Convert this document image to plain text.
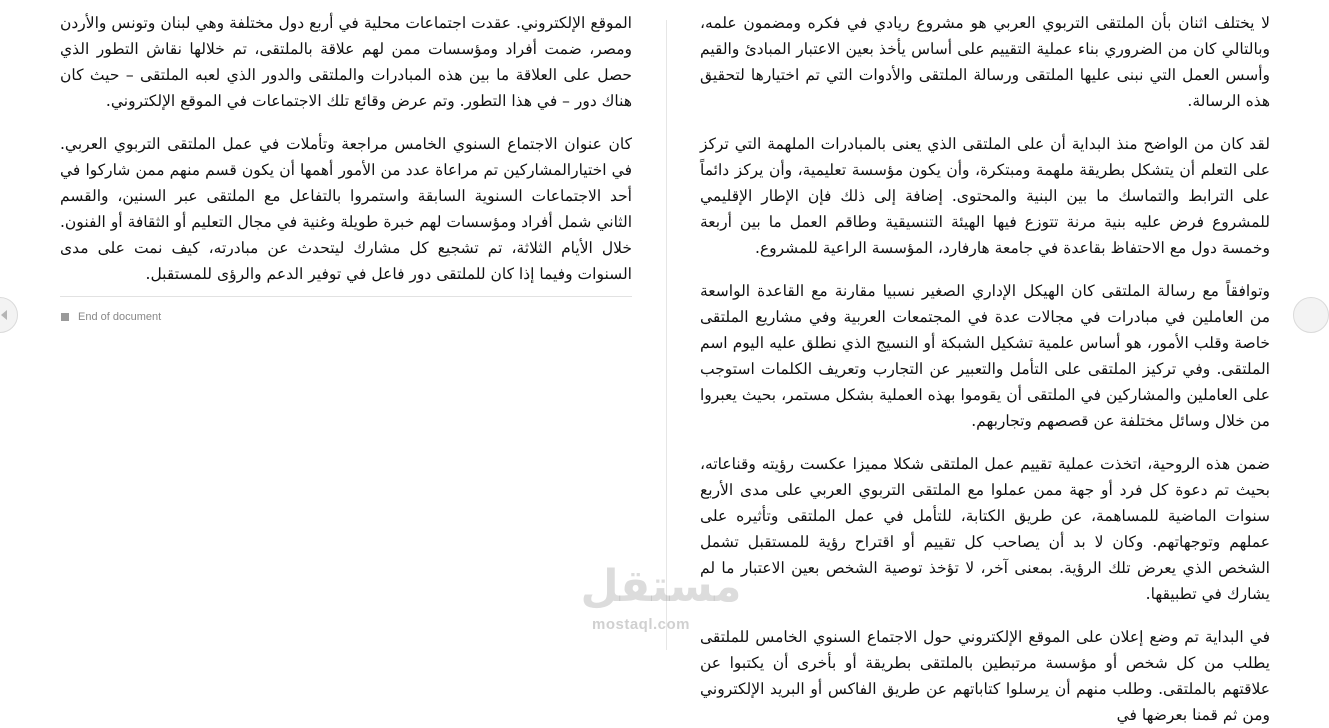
الموقع الإلكتروني. عقدت اجتماعات محلية في أربع دول مختلفة وهي لبنان وتونس والأردن ومصر، ضمت أفراد ومؤسسات ممن لهم علاقة بالملتقى، تم خلالها نقاش التطور الذي حصل على العلاقة ما بين هذه المبادرات والملتقى والدور الذي لعبه الملتقى – حيث كان هناك دور – في هذا التطور. وتم عرض وقائع تلك الاجتماعات في الموقع الإلكتروني.

كان عنوان الاجتماع السنوي الخامس مراجعة وتأملات في عمل الملتقى التربوي العربي. في اختيارالمشاركين تم مراعاة عدد من الأمور أهمها أن يكون قسم منهم ممن شاركوا في أحد الاجتماعات السنوية السابقة واستمروا بالتفاعل مع الملتقى عبر السنين، والقسم الثاني شمل أفراد ومؤسسات لهم خبرة طويلة وغنية في مجال التعليم أو الثقافة أو الفنون. خلال الأيام الثلاثة، تم تشجيع كل مشارك ليتحدث عن مبادرته، كيف نمت على مدى السنوات وفيما إذا كان للملتقى دور فاعل في توفير الدعم والرؤى للمستقبل.

End of document

لا يختلف اثنان بأن الملتقى التربوي العربي هو مشروع ريادي في فكره ومضمون علمه، وبالتالي كان من الضروري بناء عملية التقييم على أساس يأخذ بعين الاعتبار المبادئ والقيم وأسس العمل التي نبنى عليها الملتقى ورسالة الملتقى والأدوات التي تم اختيارها لتحقيق هذه الرسالة.

لقد كان من الواضح منذ البداية أن على الملتقى الذي يعنى بالمبادرات الملهمة التي تركز على التعلم أن يتشكل بطريقة ملهمة ومبتكرة، وأن يكون مؤسسة تعليمية، وأن يركز دائماً على الترابط والتماسك ما بين البنية والمحتوى. إضافة إلى ذلك فإن الإطار الإقليمي للمشروع فرض عليه بنية مرنة تتوزع فيها الهيئة التنسيقية وطاقم العمل ما بين أربعة وخمسة دول مع الاحتفاظ بقاعدة في جامعة هارفارد، المؤسسة الراعية للمشروع.

وتوافقاً مع رسالة الملتقى كان الهيكل الإداري الصغير نسبيا مقارنة مع القاعدة الواسعة من العاملين في مبادرات في مجالات عدة في المجتمعات العربية وفي مشاريع الملتقى خاصة وقلب الأمور، هو أساس علمية تشكيل الشبكة أو النسيج الذي نطلق عليه اليوم اسم الملتقى. وفي تركيز الملتقى على التأمل والتعبير عن التجارب وتعريف الكلمات استوجب على العاملين والمشاركين في الملتقى أن يقوموا بهذه العملية بشكل مستمر، بحيث يعبروا من خلال وسائل مختلفة عن قصصهم وتجاربهم.

ضمن هذه الروحية، اتخذت عملية تقييم عمل الملتقى شكلا مميزا عكست رؤيته وقناعاته، بحيث تم دعوة كل فرد أو جهة ممن عملوا مع الملتقى التربوي العربي على مدى الأربع سنوات الماضية للمساهمة، عن طريق الكتابة، للتأمل في عمل الملتقى وتأثيره على عملهم وتوجهاتهم. وكان لا بد أن يصاحب كل تقييم أو اقتراح رؤية للمستقبل تشمل الشخص الذي يعرض تلك الرؤية. بمعنى آخر، لا تؤخذ توصية الشخص بعين الاعتبار ما لم يشارك في تطبيقها.

في البداية تم وضع إعلان على الموقع الإلكتروني حول الاجتماع السنوي الخامس للملتقى يطلب من كل شخص أو مؤسسة مرتبطين بالملتقى بطريقة أو بأخرى أن يكتبوا عن علاقتهم بالملتقى. وطلب منهم أن يرسلوا كتاباتهم عن طريق الفاكس أو البريد الإلكتروني ومن ثم قمنا بعرضها في

مستقل
mostaql.com
